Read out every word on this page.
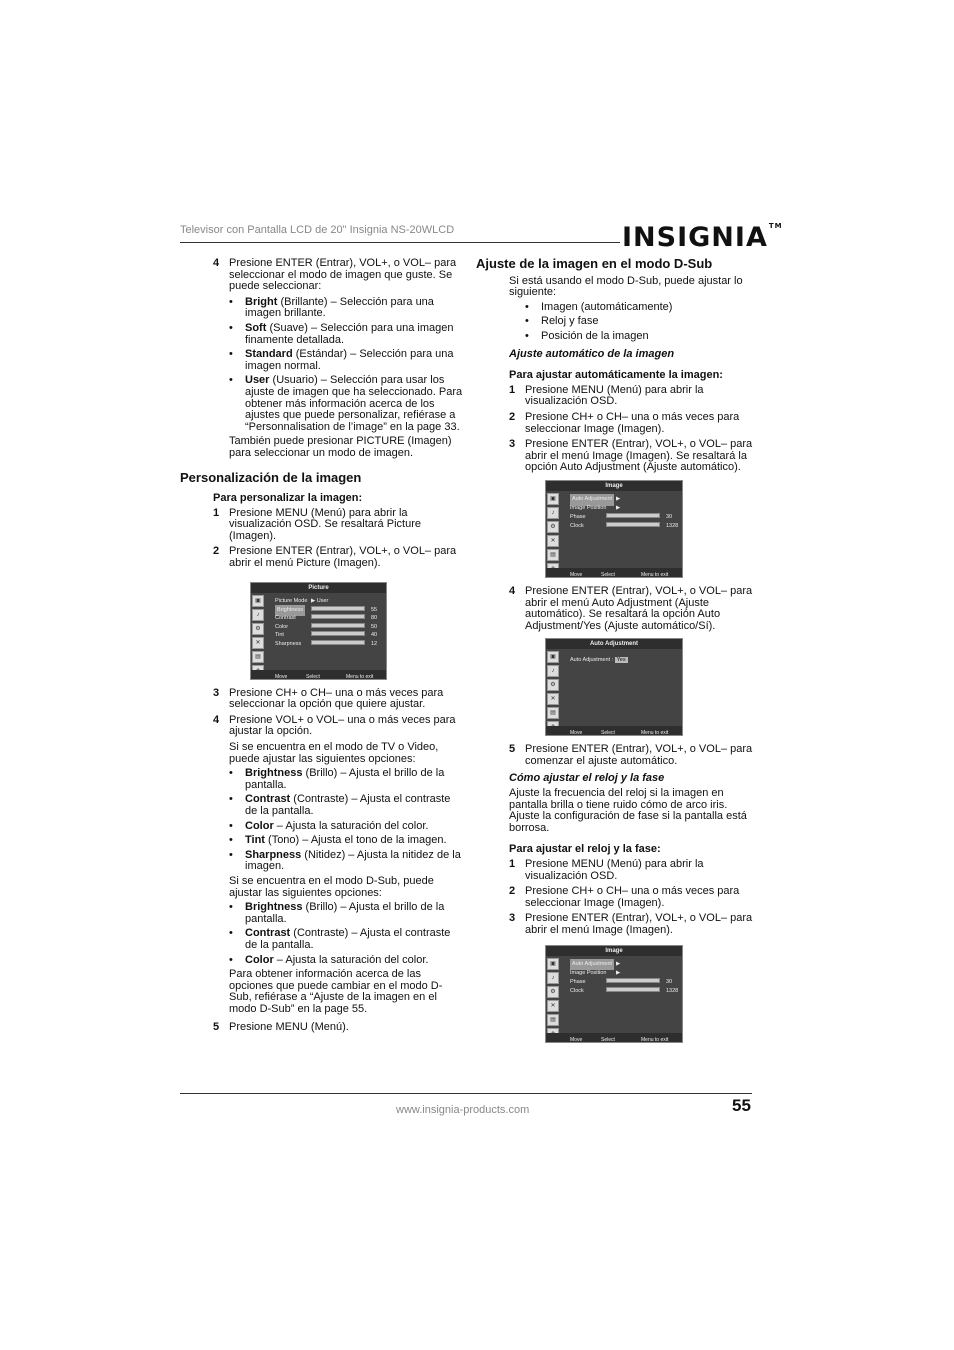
Televisor con Pantalla LCD de 20" Insignia NS-20WLCD	INSIGNIA™
4 Presione ENTER (Entrar), VOL+, o VOL– para seleccionar el modo de imagen que guste. Se puede seleccionar:
•	Bright (Brillante) – Selección para una imagen brillante.
•	Soft (Suave) – Selección para una imagen finamente detallada.
•	Standard (Estándar) – Selección para una imagen normal.
•	User (Usuario) – Selección para usar los ajuste de imagen que ha seleccionado. Para obtener más información acerca de los ajustes que puede personalizar, refiérase a “Personnalisation de l’image” en la page 33.
También puede presionar PICTURE (Imagen) para seleccionar un modo de imagen.
Personalización de la imagen
Para personalizar la imagen:
1 Presione MENU (Menú) para abrir la visualización OSD. Se resaltará Picture (Imagen).
2 Presione ENTER (Entrar), VOL+, o VOL– para abrir el menú Picture (Imagen).
Picture
▣
♪
⚙
✕
▤
Picture Mode ▶ User
Brightness	55
Contrast	80
Color	50
Tint	40
Sharpness	12
Move	Select	Menu to exit
3 Presione CH+ o CH– una o más veces para seleccionar la opción que quiere ajustar.
4 Presione VOL+ o VOL– una o más veces para ajustar la opción.
Si se encuentra en el modo de TV o Video, puede ajustar las siguientes opciones:
•	Brightness (Brillo) – Ajusta el brillo de la pantalla.
•	Contrast (Contraste) – Ajusta el contraste de la pantalla.
•	Color – Ajusta la saturación del color.
•	Tint (Tono) – Ajusta el tono de la imagen.
•	Sharpness (Nitidez) – Ajusta la nitidez de la imagen.
Si se encuentra en el modo D-Sub, puede ajustar las siguientes opciones:
•	Brightness (Brillo) – Ajusta el brillo de la pantalla.
•	Contrast (Contraste) – Ajusta el contraste de la pantalla.
•	Color – Ajusta la saturación del color.
Para obtener información acerca de las opciones que puede cambiar en el modo D-Sub, refiérase a “Ajuste de la imagen en el modo D-Sub” en la page 55.
5 Presione MENU (Menú).
Ajuste de la imagen en el modo D-Sub
Si está usando el modo D-Sub, puede ajustar lo siguiente:
•	Imagen (automáticamente)
•	Reloj y fase
•	Posición de la imagen
Ajuste automático de la imagen
Para ajustar automáticamente la imagen:
1 Presione MENU (Menú) para abrir la visualización OSD.
2 Presione CH+ o CH– una o más veces para seleccionar Image (Imagen).
3 Presione ENTER (Entrar), VOL+, o VOL– para abrir el menú Image (Imagen). Se resaltará la opción Auto Adjustment (Ajuste automático).
Image
▣
♪
⚙
✕
▤
Auto Adjustment ▶
Image Position ▶
Phase	30
Clock	1328
Move	Select	Menu to exit
4 Presione ENTER (Entrar), VOL+, o VOL– para abrir el menú Auto Adjustment (Ajuste automático). Se resaltará la opción Auto Adjustment/Yes (Ajuste automático/Sí).
Auto Adjustment
▣
♪
⚙
✕
▤
Auto Adjustment : Yes
Move	Select	Menu to exit
5 Presione ENTER (Entrar), VOL+, o VOL– para comenzar el ajuste automático.
Cómo ajustar el reloj y la fase
Ajuste la frecuencia del reloj si la imagen en pantalla brilla o tiene ruido cómo de arco iris. Ajuste la configuración de fase si la pantalla está borrosa.
Para ajustar el reloj y la fase:
1 Presione MENU (Menú) para abrir la visualización OSD.
2 Presione CH+ o CH– una o más veces para seleccionar Image (Imagen).
3 Presione ENTER (Entrar), VOL+, o VOL– para abrir el menú Image (Imagen).
Image
▣
♪
⚙
✕
▤
Auto Adjustment ▶
Image Position ▶
Phase	30
Clock	1328
Move	Select	Menu to exit
www.insignia-products.com	55
